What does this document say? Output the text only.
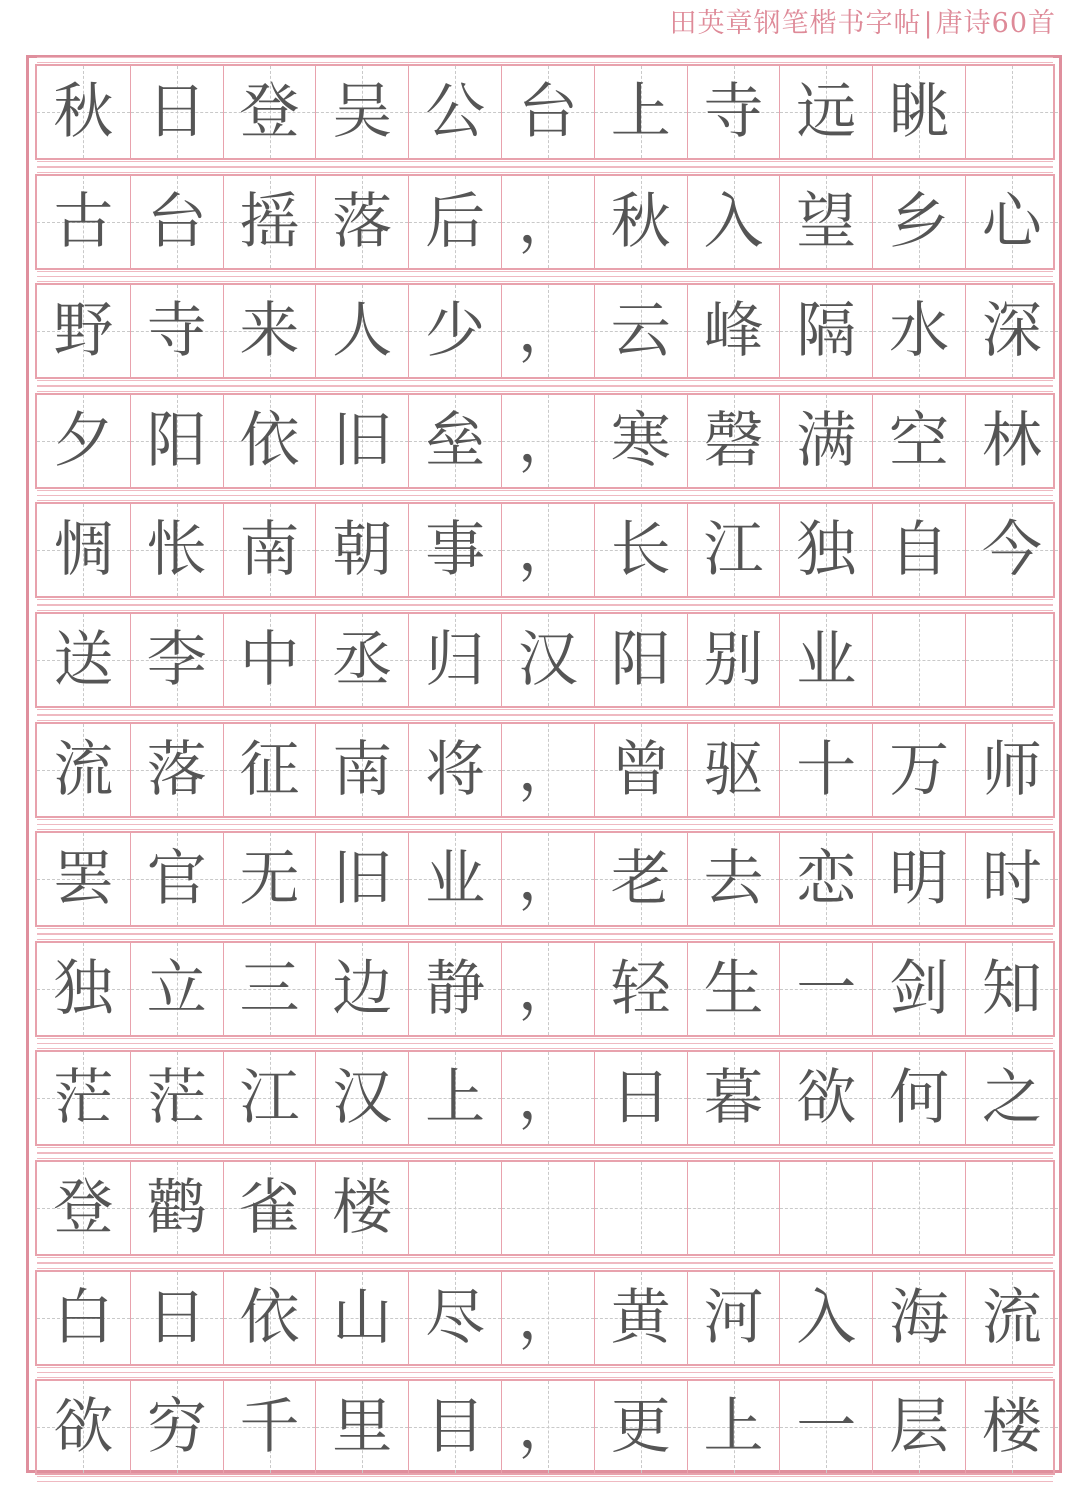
田英章钢笔楷书字帖|唐诗60首
秋 日 登 吴 公 台 上 寺 远 眺
古 台 摇 落 后 ， 秋 入 望 乡 心
野 寺 来 人 少 ， 云 峰 隔 水 深
夕 阳 依 旧 垒 ， 寒 磬 满 空 林
惆 怅 南 朝 事 ， 长 江 独 自 今
送 李 中 丞 归 汉 阳 别 业
流 落 征 南 将 ， 曾 驱 十 万 师
罢 官 无 旧 业 ， 老 去 恋 明 时
独 立 三 边 静 ， 轻 生 一 剑 知
茫 茫 江 汉 上 ， 日 暮 欲 何 之
登 鹳 雀 楼
白 日 依 山 尽 ， 黄 河 入 海 流
欲 穷 千 里 目 ， 更 上 一 层 楼
